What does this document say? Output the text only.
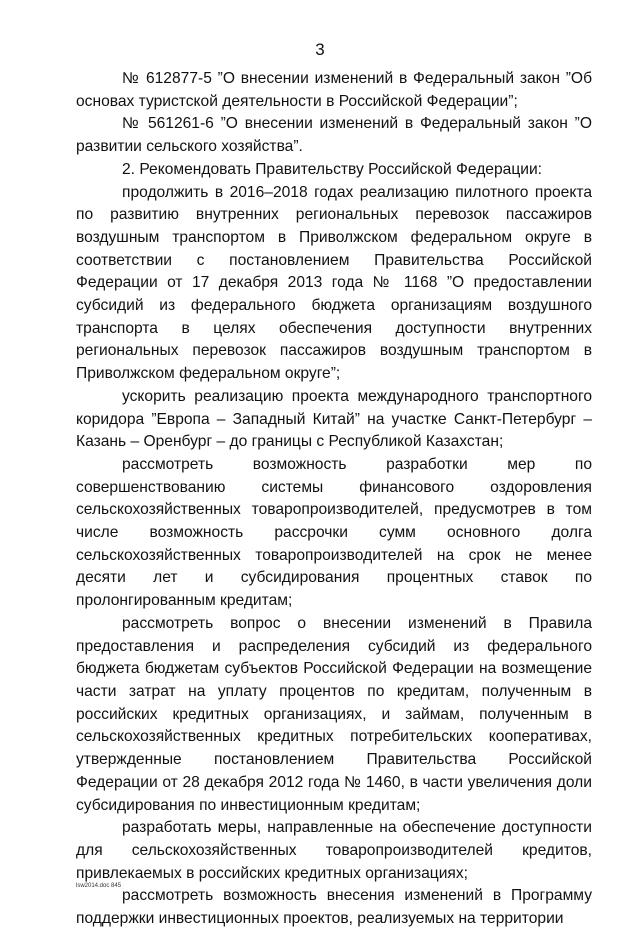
3

№ 612877-5 ”О внесении изменений в Федеральный закон ”Об основах туристской деятельности в Российской Федерации”;

№ 561261-6 ”О внесении изменений в Федеральный закон ”О развитии сельского хозяйства”.

2. Рекомендовать Правительству Российской Федерации:

продолжить в 2016–2018 годах реализацию пилотного проекта по развитию внутренних региональных перевозок пассажиров воздушным транспортом в Приволжском федеральном округе в соответствии с постановлением Правительства Российской Федерации от 17 декабря 2013 года № 1168 ”О предоставлении субсидий из федерального бюджета организациям воздушного транспорта в целях обеспечения доступности внутренних региональных перевозок пассажиров воздушным транспортом в Приволжском федеральном округе”;

ускорить реализацию проекта международного транспортного коридора ”Европа – Западный Китай” на участке Санкт-Петербург – Казань – Оренбург – до границы с Республикой Казахстан;

рассмотреть возможность разработки мер по совершенствованию системы финансового оздоровления сельскохозяйственных товаропроизводителей, предусмотрев в том числе возможность рассрочки сумм основного долга сельскохозяйственных товаропроизводителей на срок не менее десяти лет и субсидирования процентных ставок по пролонгированным кредитам;

рассмотреть вопрос о внесении изменений в Правила предоставления и распределения субсидий из федерального бюджета бюджетам субъектов Российской Федерации на возмещение части затрат на уплату процентов по кредитам, полученным в российских кредитных организациях, и займам, полученным в сельскохозяйственных кредитных потребительских кооперативах, утвержденные постановлением Правительства Российской Федерации от 28 декабря 2012 года № 1460, в части увеличения доли субсидирования по инвестиционным кредитам;

разработать меры, направленные на обеспечение доступности для сельскохозяйственных товаропроизводителей кредитов, привлекаемых в российских кредитных организациях;

рассмотреть возможность внесения изменений в Программу поддержки инвестиционных проектов, реализуемых на территории

lsw2014.doc 845
